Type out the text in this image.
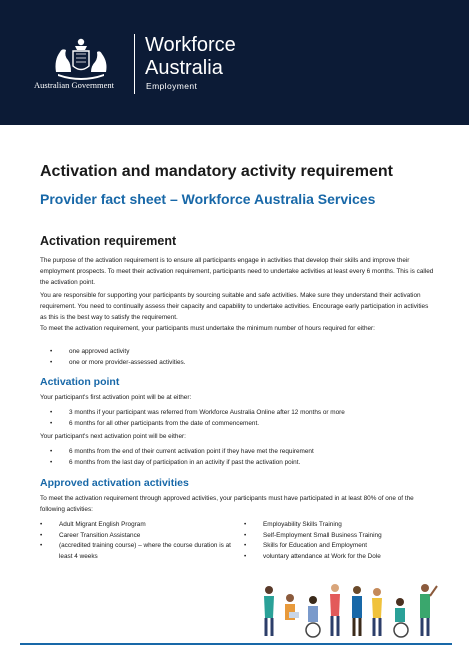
Australian Government
Workforce
Australia
Employment
Activation and mandatory activity requirement
Provider fact sheet – Workforce Australia Services
Activation requirement

The purpose of the activation requirement is to ensure all participants engage in activities that develop their skills and improve their employment prospects. To meet their activation requirement, participants need to undertake activities at least every 6 months. This is called the activation point.

You are responsible for supporting your participants by sourcing suitable and safe activities. Make sure they understand their activation requirement. You need to continually assess their capacity and capability to undertake activities. Encourage early participation in activities as this is the best way to satisfy the requirement.

To meet the activation requirement, your participants must undertake the minimum number of hours required for either:

• one approved activity
• one or more provider-assessed activities.
Activation point

Your participant's first activation point will be at either:

• 3 months if your participant was referred from Workforce Australia Online after 12 months or more
• 6 months for all other participants from the date of commencement.

Your participant's next activation point will be either:

• 6 months from the end of their current activation point if they have met the requirement
• 6 months from the last day of participation in an activity if past the activation point.
Approved activation activities

To meet the activation requirement through approved activities, your participants must have participated in at least 80% of one of the following activities:

• Adult Migrant English Program
• Career Transition Assistance
• (accredited training course) – where the course duration is at least 4 weeks
• Employability Skills Training
• Self-Employment Small Business Training
• Skills for Education and Employment
• voluntary attendance at Work for the Dole
